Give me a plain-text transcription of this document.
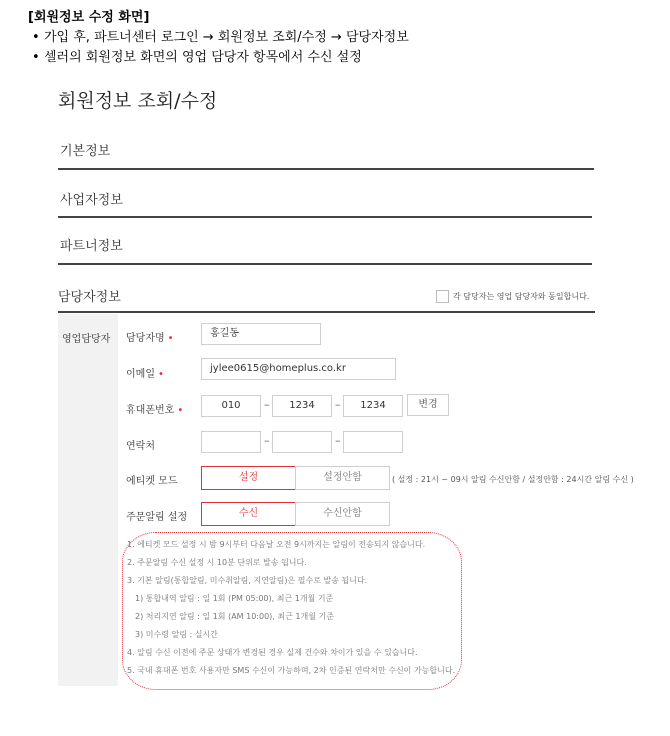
[회원정보 수정 화면]
• 가입 후, 파트너센터 로그인 → 회원정보 조회/수정 → 담당자정보
• 셀러의 회원정보 화면의 영업 담당자 항목에서 수신 설정
회원정보 조회/수정
기본정보
사업자정보
파트너정보
담당자정보	각 담당자는 영업 담당자와 동일합니다.
영업담당자 담당자명 •	홍길동
이메일 •
jylee0615@homeplus.co.kr
휴대폰번호 •	010	–	1234	–	1234	변경
연락처	–	–
에티켓 모드	설정	설정안함	( 설정 : 21시 ~ 09시 알림 수신안함 / 설정안함 : 24시간 알림 수신 )
주문알림 설정	수신	수신안함
1. 에티켓 모드 설정 시 밤 9시부터 다음날 오전 9시까지는 알림이 전송되지 않습니다.
2. 주문알림 수신 설정 시 10분 단위로 발송 됩니다.
3. 기본 알림(통합알림, 미수취알림, 지연알림)은 필수로 발송 됩니다.
1) 통합내역 알림 : 일 1회 (PM 05:00), 최근 1개월 기준
2) 처리지연 알림 : 일 1회 (AM 10:00), 최근 1개월 기준
3) 미수령 알림 : 실시간
4. 알림 수신 이전에 주문 상태가 변경된 경우 실제 건수와 차이가 있을 수 있습니다.
5. 국내 휴대폰 번호 사용자만 SMS 수신이 가능하며, 2차 인증된 연락처만 수신이 가능합니다.
